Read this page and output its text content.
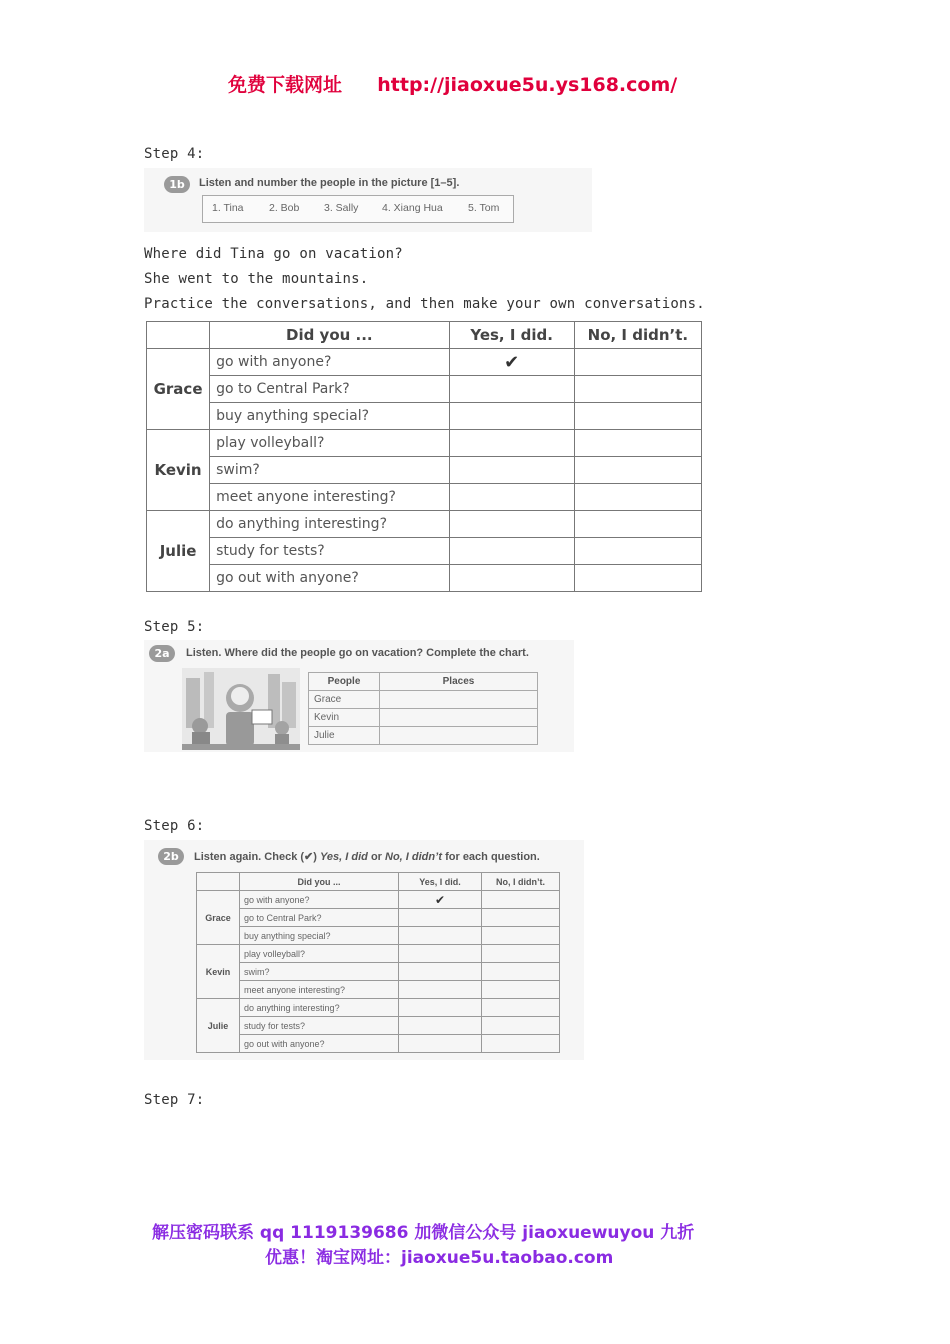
免费下载网址 http://jiaoxue5u.ys168.com/
Step 4:
1b	Listen and number the people in the picture [1–5].
1. Tina 2. Bob 3. Sally 4. Xiang Hua 5. Tom
Where did Tina go on vacation?
She went to the mountains.
Practice the conversations, and then make your own conversations.
	Did you ...	Yes, I did.	No, I didn’t.
Grace	go with anyone?	✔	
	go to Central Park?		
	buy anything special?		
Kevin	play volleyball?		
	swim?		
	meet anyone interesting?		
Julie	do anything interesting?		
	study for tests?		
	go out with anyone?		
Step 5:
2a	Listen. Where did the people go on vacation? Complete the chart.
People	Places
Grace	
Kevin	
Julie	
Step 6:
2b	Listen again. Check (✔) Yes, I did or No, I didn’t for each question.
	Did you ...	Yes, I did.	No, I didn’t.
Grace	go with anyone?	✔	
	go to Central Park?		
	buy anything special?		
Kevin	play volleyball?		
	swim?		
	meet anyone interesting?		
Julie	do anything interesting?		
	study for tests?		
	go out with anyone?		
Step 7:
解压密码联系 qq 1119139686 加微信公众号 jiaoxuewuyou 九折
优惠！淘宝网址：jiaoxue5u.taobao.com
